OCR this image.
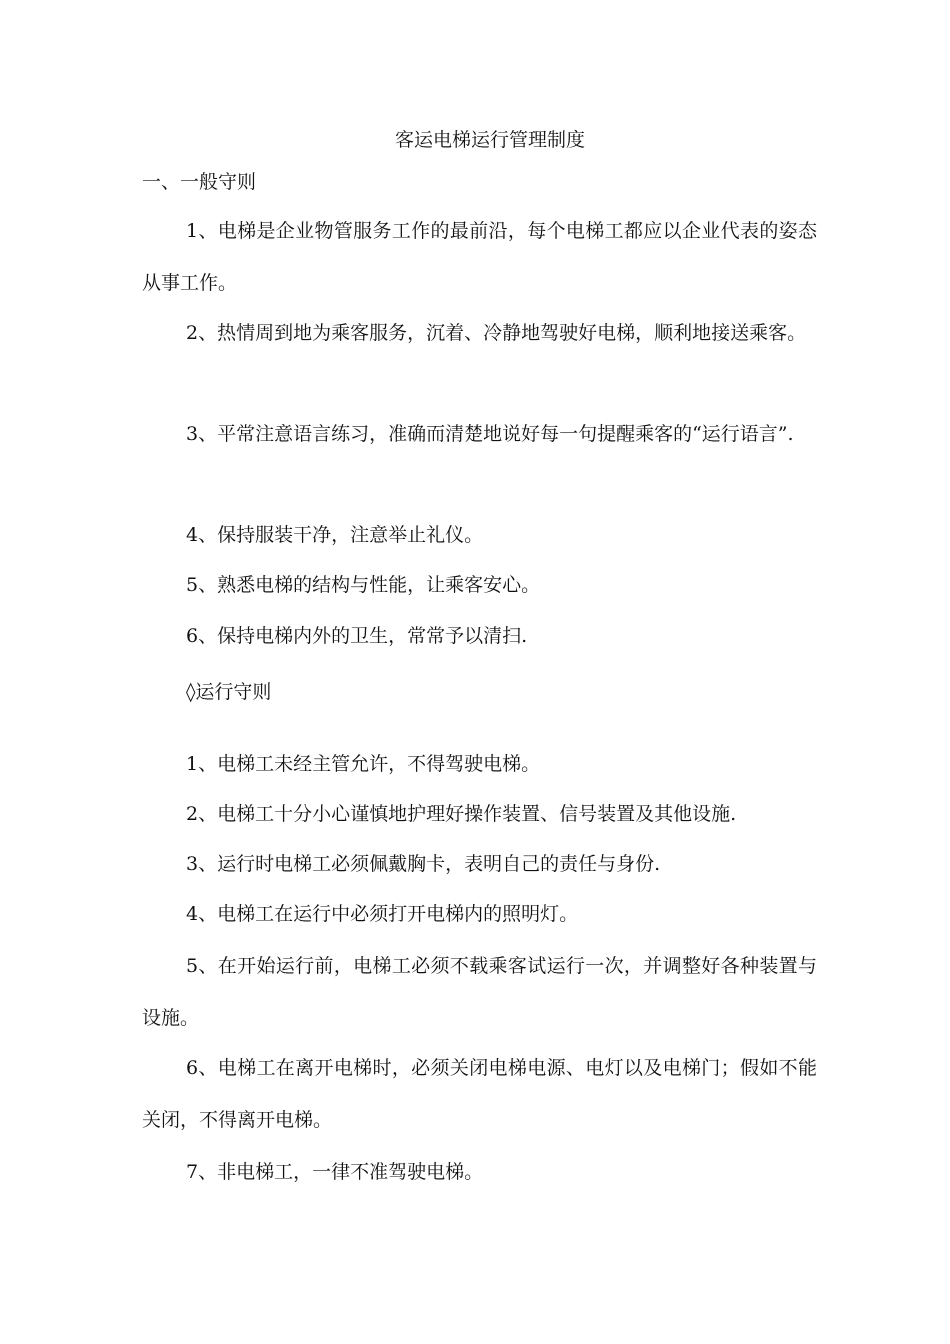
客运电梯运行管理制度
一、一般守则
1、电梯是企业物管服务工作的最前沿，每个电梯工都应以企业代表的姿态从事工作。
2、热情周到地为乘客服务，沉着、冷静地驾驶好电梯，顺利地接送乘客。
3、平常注意语言练习，准确而清楚地说好每一句提醒乘客的“运行语言”.
4、保持服装干净，注意举止礼仪。
5、熟悉电梯的结构与性能，让乘客安心。
6、保持电梯内外的卫生，常常予以清扫.
◊运行守则
1、电梯工未经主管允许，不得驾驶电梯。
2、电梯工十分小心谨慎地护理好操作装置、信号装置及其他设施.
3、运行时电梯工必须佩戴胸卡，表明自己的责任与身份.
4、电梯工在运行中必须打开电梯内的照明灯。
5、在开始运行前，电梯工必须不载乘客试运行一次，并调整好各种装置与设施。
6、电梯工在离开电梯时，必须关闭电梯电源、电灯以及电梯门；假如不能关闭，不得离开电梯。
7、非电梯工，一律不准驾驶电梯。
